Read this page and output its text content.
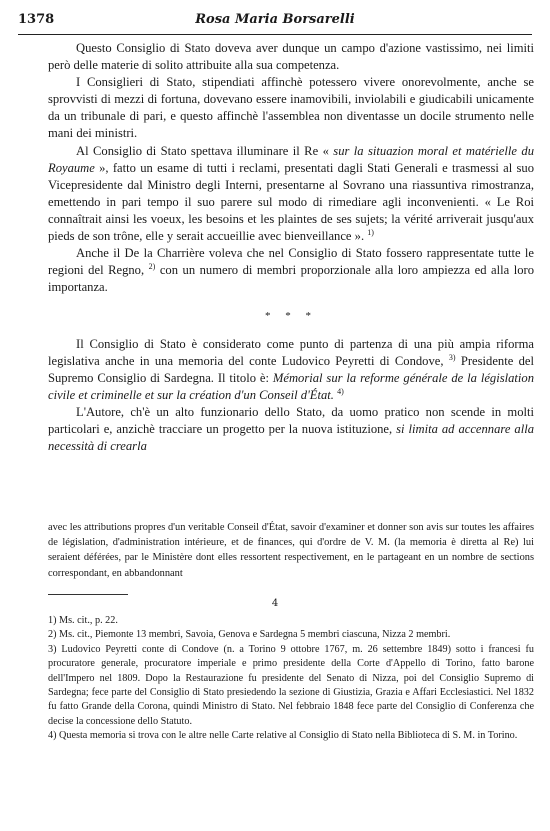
1378	Rosa Maria Borsarelli

Questo Consiglio di Stato doveva aver dunque un campo d'azione vastissimo, nei limiti però delle materie di solito attribuite alla sua competenza.

I Consiglieri di Stato, stipendiati affinchè potessero vivere onorevolmente, anche se sprovvisti di mezzi di fortuna, dovevano essere inamovibili, inviolabili e giudicabili unicamente da un tribunale di pari, e questo affinchè l'assemblea non diventasse un docile strumento nelle mani dei ministri.

Al Consiglio di Stato spettava illuminare il Re « sur la situazion moral et matérielle du Royaume », fatto un esame di tutti i reclami, presentati dagli Stati Generali e trasmessi al suo Vicepresidente dal Ministro degli Interni, presentarne al Sovrano una riassuntiva rimostranza, emettendo in pari tempo il suo parere sul modo di rimediare agli inconvenienti. « Le Roi connaîtrait ainsi les voeux, les besoins et les plaintes de ses sujets; la vérité arriverait jusqu'aux pieds de son trône, elle y serait accueillie avec bienveillance ». $^{1)}$

Anche il De la Charrière voleva che nel Consiglio di Stato fossero rappresentate tutte le regioni del Regno, $^{2)}$ con un numero di membri proporzionale alla loro ampiezza ed alla loro importanza.

* * *

Il Consiglio di Stato è considerato come punto di partenza di una più ampia riforma legislativa anche in una memoria del conte Ludovico Peyretti di Condove, $^{3)}$ Presidente del Supremo Consiglio di Sardegna. Il titolo è: Mémorial sur la reforme générale de la législation civile et criminelle et sur la création d'un Conseil d'État. $^{4)}$

L'Autore, ch'è un alto funzionario dello Stato, da uomo pratico non scende in molti particolari e, anzichè tracciare un progetto per la nuova istituzione, si limita ad accennare alla necessità di crearla

avec les attributions propres d'un veritable Conseil d'État, savoir d'examiner et donner son avis sur toutes les affaires de législation, d'administration intérieure, et de finances, qui d'ordre de V. M. (la memoria è diretta al Re) lui seraient déférées, par le Ministère dont elles ressortent respectivement, en le partageant en un nombre de sections correspondant, en abbandonnant

4

1) Ms. cit., p. 22.

2) Ms. cit., Piemonte 13 membri, Savoia, Genova e Sardegna 5 membri ciascuna, Nizza 2 membri.

3) Ludovico Peyretti conte di Condove (n. a Torino 9 ottobre 1767, m. 26 settembre 1849) sotto i francesi fu procuratore generale, procuratore imperiale e primo presidente della Corte d'Appello di Torino, fatto barone dell'Impero nel 1809. Dopo la Restaurazione fu presidente del Senato di Nizza, poi del Consiglio Supremo di Sardegna; fece parte del Consiglio di Stato presiedendo la sezione di Giustizia, Grazia e Affari Ecclesiastici. Nel 1832 fu fatto Grande della Corona, quindi Ministro di Stato. Nel febbraio 1848 fece parte del Consiglio di Conferenza che decise la concessione dello Statuto.

4) Questa memoria si trova con le altre nelle Carte relative al Consiglio di Stato nella Biblioteca di S. M. in Torino.
